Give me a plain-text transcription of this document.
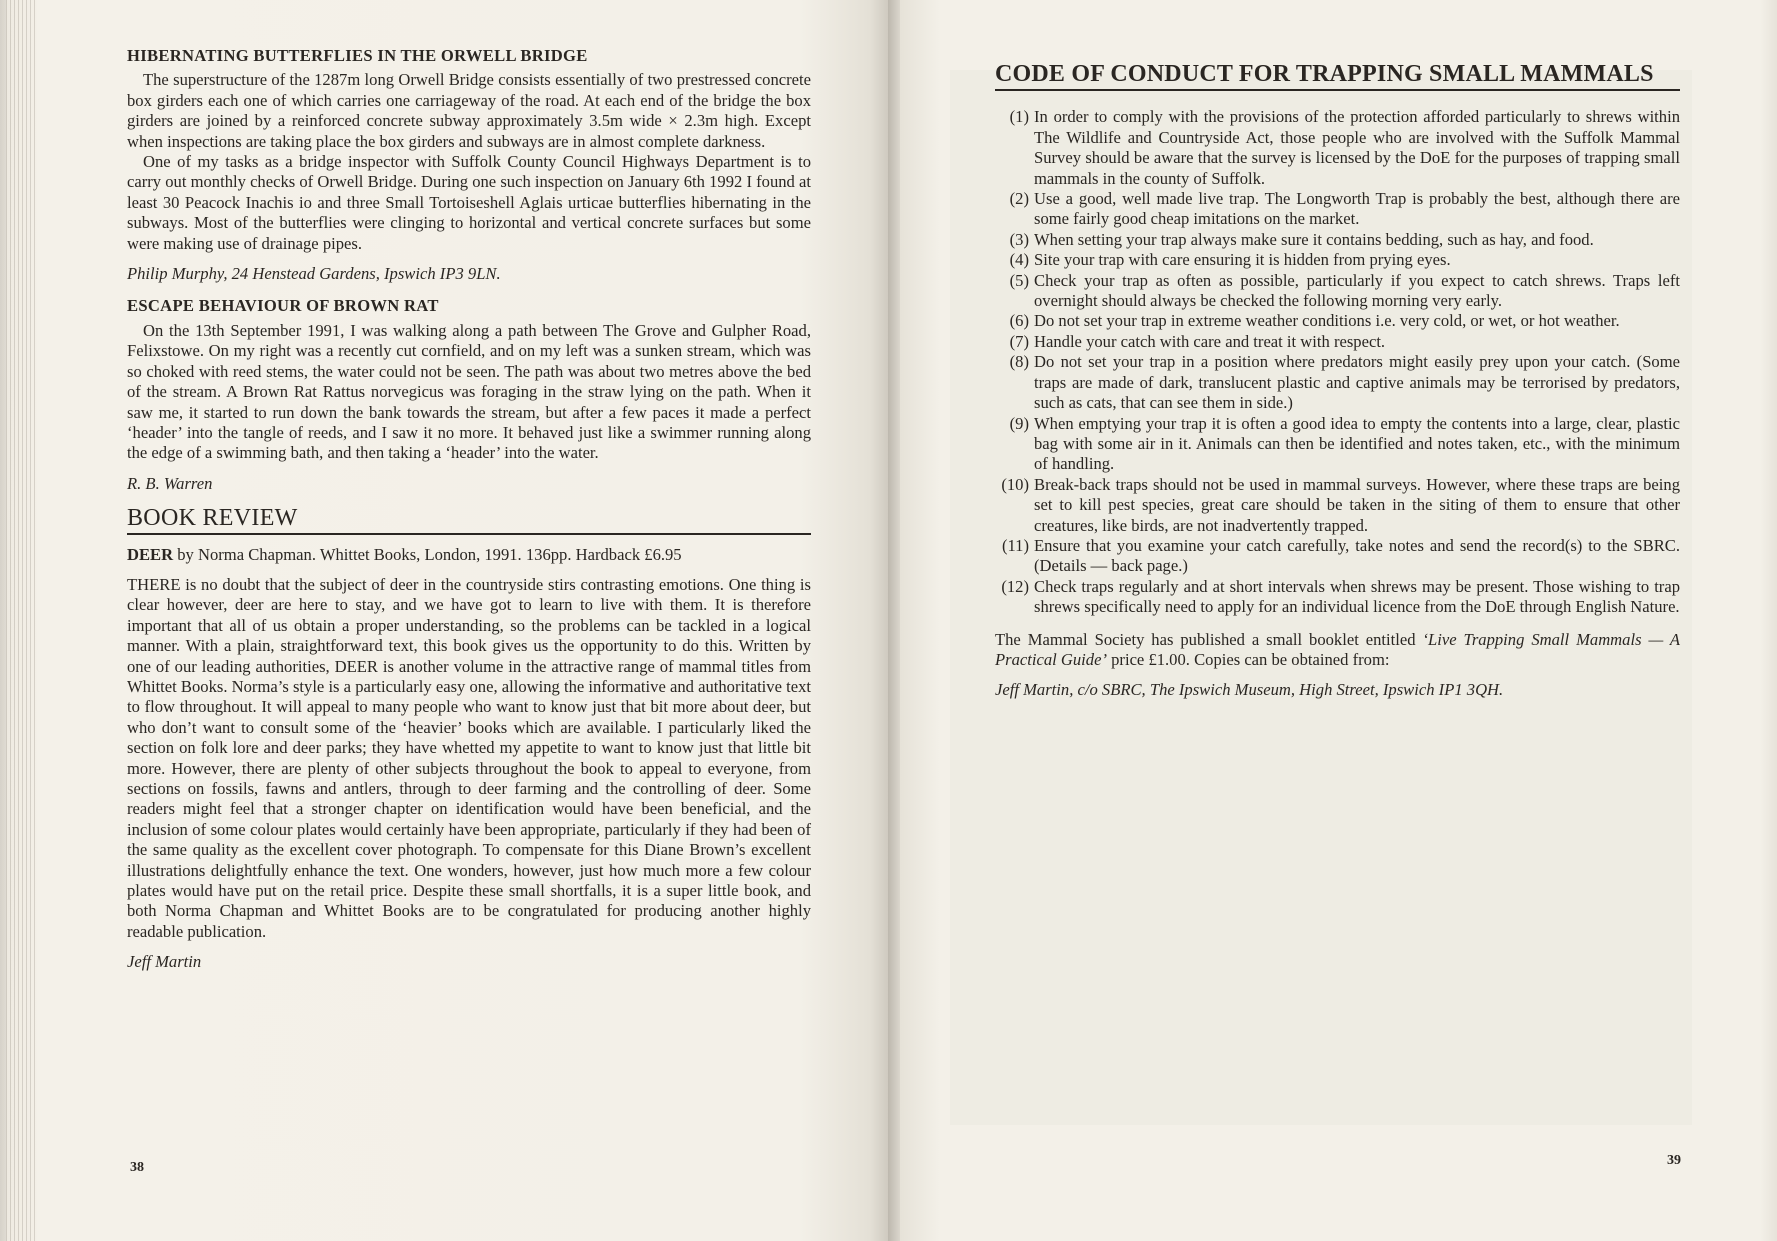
HIBERNATING BUTTERFLIES IN THE ORWELL BRIDGE

The superstructure of the 1287m long Orwell Bridge consists essentially of two prestressed concrete box girders each one of which carries one carriageway of the road. At each end of the bridge the box girders are joined by a reinforced concrete subway approximately 3.5m wide × 2.3m high. Except when inspections are taking place the box girders and subways are in almost complete darkness.

One of my tasks as a bridge inspector with Suffolk County Council Highways Department is to carry out monthly checks of Orwell Bridge. During one such inspection on January 6th 1992 I found at least 30 Peacock Inachis io and three Small Tortoiseshell Aglais urticae butterflies hibernating in the subways. Most of the butterflies were clinging to horizontal and vertical concrete surfaces but some were making use of drainage pipes.

Philip Murphy, 24 Henstead Gardens, Ipswich IP3 9LN.

ESCAPE BEHAVIOUR OF BROWN RAT

On the 13th September 1991, I was walking along a path between The Grove and Gulpher Road, Felixstowe. On my right was a recently cut cornfield, and on my left was a sunken stream, which was so choked with reed stems, the water could not be seen. The path was about two metres above the bed of the stream. A Brown Rat Rattus norvegicus was foraging in the straw lying on the path. When it saw me, it started to run down the bank towards the stream, but after a few paces it made a perfect ‘header’ into the tangle of reeds, and I saw it no more. It behaved just like a swimmer running along the edge of a swimming bath, and then taking a ‘header’ into the water.

R. B. Warren

BOOK REVIEW

DEER by Norma Chapman. Whittet Books, London, 1991. 136pp. Hardback £6.95

THERE is no doubt that the subject of deer in the countryside stirs contrasting emotions. One thing is clear however, deer are here to stay, and we have got to learn to live with them. It is therefore important that all of us obtain a proper understanding, so the problems can be tackled in a logical manner. With a plain, straightforward text, this book gives us the opportunity to do this. Written by one of our leading authorities, DEER is another volume in the attractive range of mammal titles from Whittet Books. Norma’s style is a particularly easy one, allowing the informative and authoritative text to flow throughout. It will appeal to many people who want to know just that bit more about deer, but who don’t want to consult some of the ‘heavier’ books which are available. I particularly liked the section on folk lore and deer parks; they have whetted my appetite to want to know just that little bit more. However, there are plenty of other subjects throughout the book to appeal to everyone, from sections on fossils, fawns and antlers, through to deer farming and the controlling of deer. Some readers might feel that a stronger chapter on identification would have been beneficial, and the inclusion of some colour plates would certainly have been appropriate, particularly if they had been of the same quality as the excellent cover photograph. To compensate for this Diane Brown’s excellent illustrations delightfully enhance the text. One wonders, however, just how much more a few colour plates would have put on the retail price. Despite these small shortfalls, it is a super little book, and both Norma Chapman and Whittet Books are to be congratulated for producing another highly readable publication.

Jeff Martin

38
CODE OF CONDUCT FOR TRAPPING SMALL MAMMALS
(1) In order to comply with the provisions of the protection afforded particularly to shrews within The Wildlife and Countryside Act, those people who are involved with the Suffolk Mammal Survey should be aware that the survey is licensed by the DoE for the purposes of trapping small mammals in the county of Suffolk.
(2) Use a good, well made live trap. The Longworth Trap is probably the best, although there are some fairly good cheap imitations on the market.
(3) When setting your trap always make sure it contains bedding, such as hay, and food.
(4) Site your trap with care ensuring it is hidden from prying eyes.
(5) Check your trap as often as possible, particularly if you expect to catch shrews. Traps left overnight should always be checked the following morning very early.
(6) Do not set your trap in extreme weather conditions i.e. very cold, or wet, or hot weather.
(7) Handle your catch with care and treat it with respect.
(8) Do not set your trap in a position where predators might easily prey upon your catch. (Some traps are made of dark, translucent plastic and captive animals may be terrorised by predators, such as cats, that can see them in side.)
(9) When emptying your trap it is often a good idea to empty the contents into a large, clear, plastic bag with some air in it. Animals can then be identified and notes taken, etc., with the minimum of handling.
(10) Break-back traps should not be used in mammal surveys. However, where these traps are being set to kill pest species, great care should be taken in the siting of them to ensure that other creatures, like birds, are not inadvertently trapped.
(11) Ensure that you examine your catch carefully, take notes and send the record(s) to the SBRC. (Details — back page.)
(12) Check traps regularly and at short intervals when shrews may be present. Those wishing to trap shrews specifically need to apply for an individual licence from the DoE through English Nature.

The Mammal Society has published a small booklet entitled ‘Live Trapping Small Mammals — A Practical Guide’ price £1.00. Copies can be obtained from:

Jeff Martin, c/o SBRC, The Ipswich Museum, High Street, Ipswich IP1 3QH.

39
